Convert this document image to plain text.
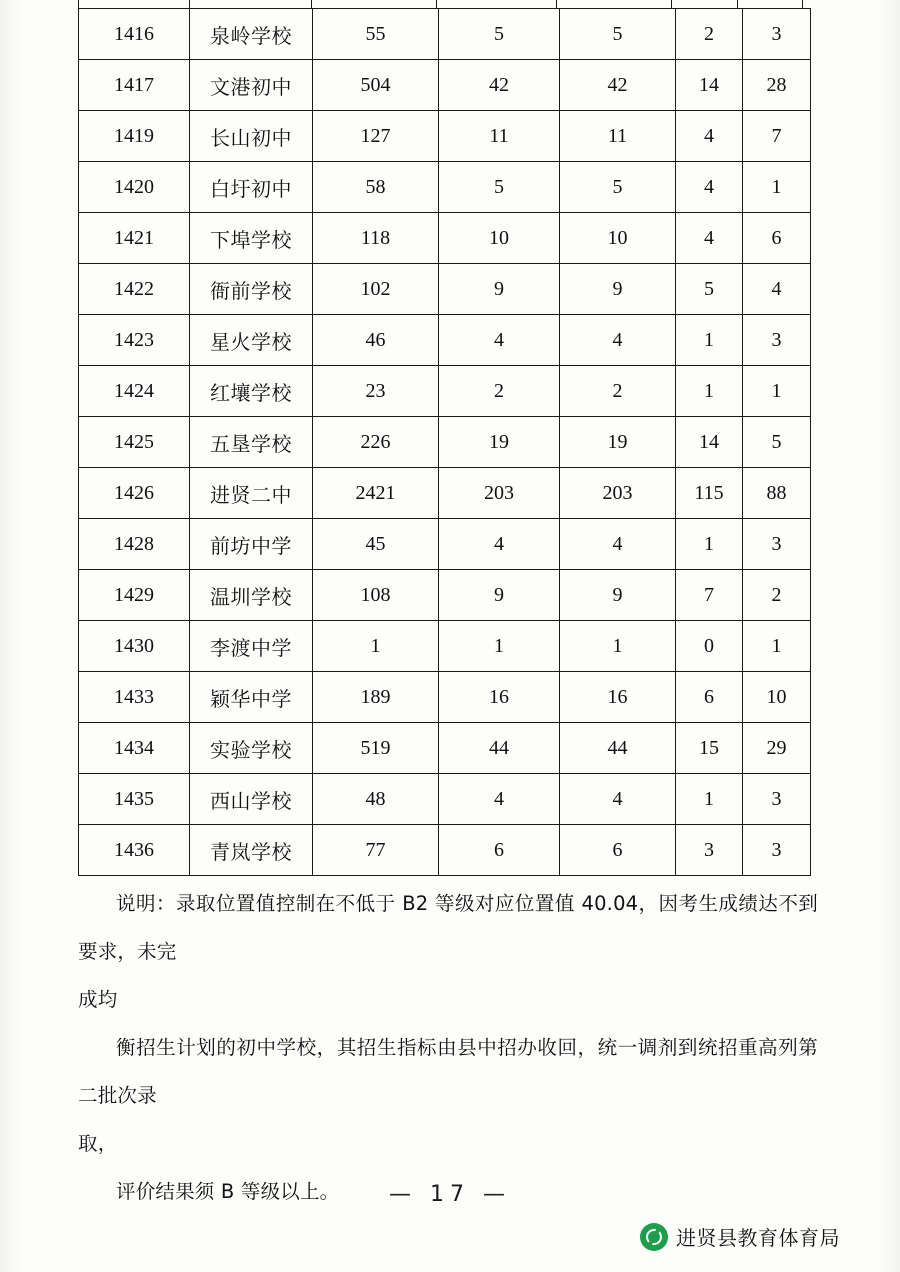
1416	泉岭学校	55	5	5	2	3
1417	文港初中	504	42	42	14	28
1419	长山初中	127	11	11	4	7
1420	白圩初中	58	5	5	4	1
1421	下埠学校	118	10	10	4	6
1422	衙前学校	102	9	9	5	4
1423	星火学校	46	4	4	1	3
1424	红壤学校	23	2	2	1	1
1425	五垦学校	226	19	19	14	5
1426	进贤二中	2421	203	203	115	88
1428	前坊中学	45	4	4	1	3
1429	温圳学校	108	9	9	7	2
1430	李渡中学	1	1	1	0	1
1433	颖华中学	189	16	16	6	10
1434	实验学校	519	44	44	15	29
1435	西山学校	48	4	4	1	3
1436	青岚学校	77	6	6	3	3

说明：录取位置值控制在不低于 B2 等级对应位置值 40.04，因考生成绩达不到要求，未完

成均

衡招生计划的初中学校，其招生指标由县中招办收回，统一调剂到统招重高列第二批次录

取，

评价结果须 B 等级以上。	— 17 —
进贤县教育体育局
